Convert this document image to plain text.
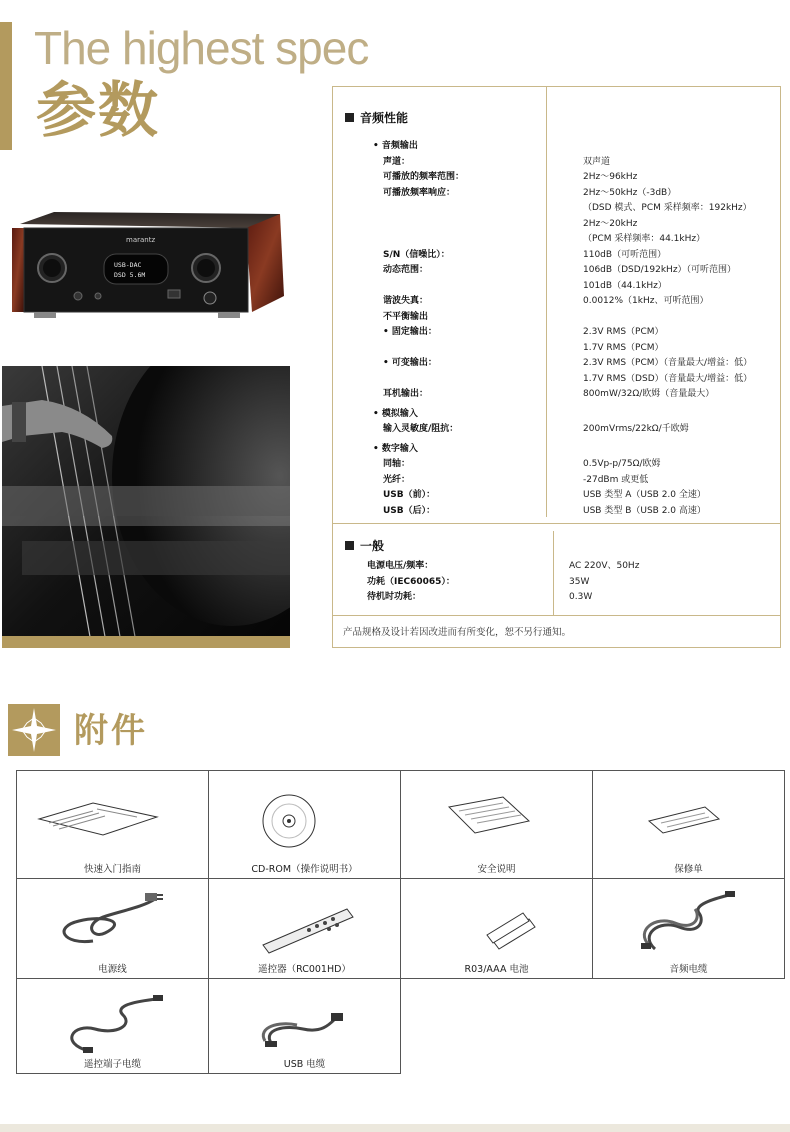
The highest spec
参数
marantz
USB-DAC
DSD 5.6M
音频性能
• 音频输出
声道：	双声道
可播放的频率范围：	2Hz～96kHz
可播放频率响应：	2Hz～50kHz（-3dB）
（DSD 模式、PCM 采样频率：192kHz）
2Hz～20kHz
（PCM 采样频率：44.1kHz）
S/N（信噪比）：	110dB（可听范围）
动态范围：	106dB（DSD/192kHz）（可听范围）
101dB（44.1kHz）
谐波失真：	0.0012%（1kHz、可听范围）
不平衡输出
• 固定输出：	2.3V RMS（PCM）
1.7V RMS（PCM）
• 可变输出：	2.3V RMS（PCM）（音量最大/增益：低）
1.7V RMS（DSD）（音量最大/增益：低）
耳机输出：	800mW/32Ω/欧姆（音量最大）
• 模拟输入
输入灵敏度/阻抗：	200mVrms/22kΩ/千欧姆
• 数字输入
同轴：	0.5Vp-p/75Ω/欧姆
光纤：	-27dBm 或更低
USB（前）：	USB 类型 A（USB 2.0 全速）
USB（后）：	USB 类型 B（USB 2.0 高速）
一般
电源电压/频率：	AC 220V、50Hz
功耗（IEC60065）：	35W
待机时功耗：	0.3W
产品规格及设计若因改进而有所变化，恕不另行通知。
附件
快速入门指南	CD-ROM（操作说明书）	安全说明	保修单
电源线	遥控器（RC001HD）	R03/AAA 电池	音频电缆
遥控端子电缆	USB 电缆
